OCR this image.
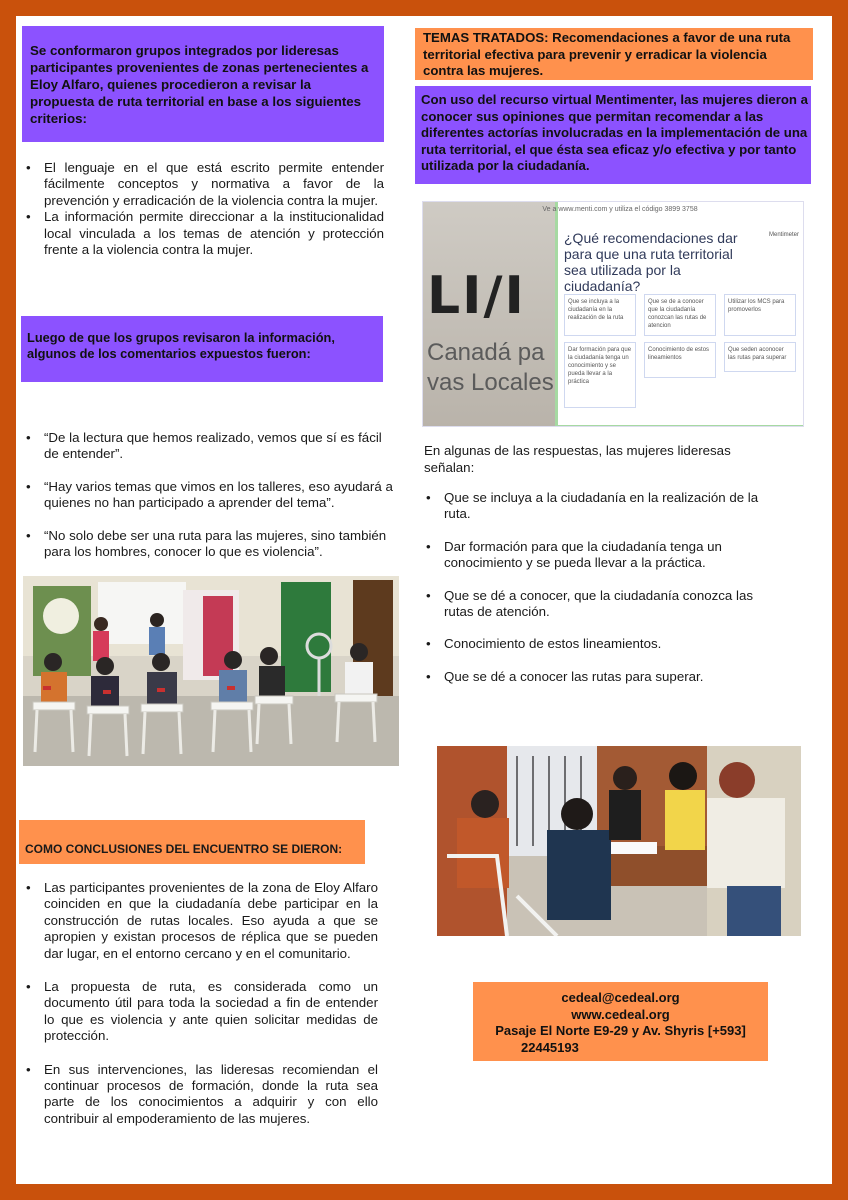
Se conformaron grupos integrados por lideresas participantes provenientes de zonas pertenecientes a Eloy Alfaro, quienes procedieron a revisar la propuesta de ruta territorial en base a los siguientes criterios:
• El lenguaje en el que está escrito permite entender fácilmente conceptos y normativa a favor de la prevención y erradicación de la violencia contra la mujer.
• La información permite direccionar a la institucionalidad local vinculada a los temas de atención y protección frente a la violencia contra la mujer.
Luego de que los grupos revisaron la información, algunos de los comentarios expuestos fueron:
• “De la lectura que hemos realizado, vemos que sí es fácil de entender”.
• “Hay varios temas que vimos en los talleres, eso ayudará a quienes no han participado a aprender del tema”.
• “No solo debe ser una ruta para las mujeres, sino también para los hombres, conocer lo que es violencia”.
COMO CONCLUSIONES DEL ENCUENTRO SE DIERON:
• Las participantes provenientes de la zona de Eloy Alfaro coinciden en que la ciudadanía debe participar en la construcción de rutas locales. Eso ayuda a que se apropien y existan procesos de réplica que se pueden dar lugar, en el entorno cercano y en el comunitario.
• La propuesta de ruta, es considerada como un documento útil para toda la sociedad a fin de entender lo que es violencia y ante quien solicitar medidas de protección.
• En sus intervenciones, las lideresas recomiendan el continuar procesos de formación, donde la ruta sea parte de los conocimientos a adquirir y con ello contribuir al empoderamiento de las mujeres.
TEMAS TRATADOS: Recomendaciones a favor de una ruta territorial efectiva para prevenir y erradicar la violencia contra las mujeres.
Con uso del recurso virtual Mentimenter, las mujeres dieron a conocer sus opiniones que permitan recomendar a las diferentes actorías involucradas en la implementación de una ruta territorial, el que ésta sea eficaz y/o efectiva y por tanto utilizada por la ciudadanía.
LI/I
Canadá pa vas Locales
Ve a www.menti.com y utiliza el código 3899 3758
Mentimeter
¿Qué recomendaciones dar para que una ruta territorial sea utilizada por la ciudadanía?
Que se incluya a la ciudadanía en la realización de la ruta
Que se de a conocer que la ciudadanía conozcan las rutas de atencion
Utilizar los MCS para promoverlos
Que seden aconocer las rutas para superar
Dar formación para que la ciudadanía tenga un conocimiento y se pueda llevar a la práctica
Conocimiento de estos lineamientos
En algunas de las respuestas, las mujeres lideresas señalan:
• Que se incluya a la ciudadanía en la realización de la ruta.
• Dar formación para que la ciudadanía tenga un conocimiento y se pueda llevar a la práctica.
• Que se dé a conocer, que la ciudadanía conozca las rutas de atención.
• Conocimiento de estos lineamientos.
• Que se dé a conocer las rutas para superar.
cedeal@cedeal.org
www.cedeal.org
Pasaje El Norte E9-29 y Av. Shyris [+593]
22445193
